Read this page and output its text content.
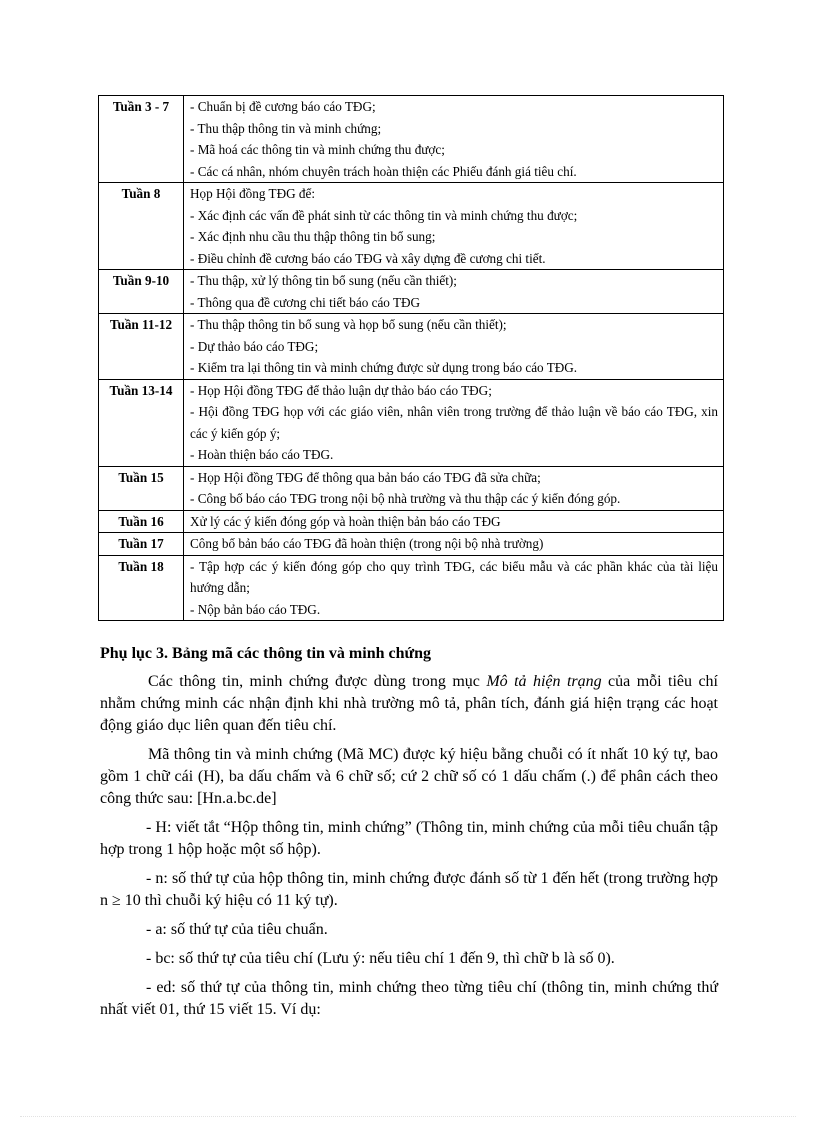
Tuần 3 - 7	- Chuẩn bị đề cương báo cáo TĐG;
- Thu thập thông tin và minh chứng;
- Mã hoá các thông tin và minh chứng thu được;
- Các cá nhân, nhóm chuyên trách hoàn thiện các Phiếu đánh giá tiêu chí.

Tuần 8	Họp Hội đồng TĐG để:
- Xác định các vấn đề phát sinh từ các thông tin và minh chứng thu được;
- Xác định nhu cầu thu thập thông tin bổ sung;
- Điều chỉnh đề cương báo cáo TĐG và xây dựng đề cương chi tiết.

Tuần 9-10	- Thu thập, xử lý thông tin bổ sung (nếu cần thiết);
- Thông qua đề cương chi tiết báo cáo TĐG

Tuần 11-12	- Thu thập thông tin bổ sung và họp bổ sung (nếu cần thiết);
- Dự thảo báo cáo TĐG;
- Kiểm tra lại thông tin và minh chứng được sử dụng trong báo cáo TĐG.

Tuần 13-14	- Họp Hội đồng TĐG để thảo luận dự thảo báo cáo TĐG;
- Hội đồng TĐG họp với các giáo viên, nhân viên trong trường để thảo luận về báo cáo TĐG, xin các ý kiến góp ý;
- Hoàn thiện báo cáo TĐG.

Tuần 15	- Họp Hội đồng TĐG để thông qua bản báo cáo TĐG đã sửa chữa;
- Công bố báo cáo TĐG trong nội bộ nhà trường và thu thập các ý kiến đóng góp.

Tuần 16	Xử lý các ý kiến đóng góp và hoàn thiện bản báo cáo TĐG

Tuần 17	Công bố bản báo cáo TĐG đã hoàn thiện (trong nội bộ nhà trường)

Tuần 18	- Tập hợp các ý kiến đóng góp cho quy trình TĐG, các biểu mẫu và các phần khác của tài liệu hướng dẫn;
- Nộp bản báo cáo TĐG.
Phụ lục 3. Bảng mã các thông tin và minh chứng

Các thông tin, minh chứng được dùng trong mục Mô tả hiện trạng của mỗi tiêu chí nhằm chứng minh các nhận định khi nhà trường mô tả, phân tích, đánh giá hiện trạng các hoạt động giáo dục liên quan đến tiêu chí.

Mã thông tin và minh chứng (Mã MC) được ký hiệu bằng chuỗi có ít nhất 10 ký tự, bao gồm 1 chữ cái (H), ba dấu chấm và 6 chữ số; cứ 2 chữ số có 1 dấu chấm (.) để phân cách theo công thức sau: [Hn.a.bc.de]

- H: viết tắt “Hộp thông tin, minh chứng” (Thông tin, minh chứng của mỗi tiêu chuẩn tập hợp trong 1 hộp hoặc một số hộp).

- n: số thứ tự của hộp thông tin, minh chứng được đánh số từ 1 đến hết (trong trường hợp n ≥ 10 thì chuỗi ký hiệu có 11 ký tự).

- a: số thứ tự của tiêu chuẩn.

- bc: số thứ tự của tiêu chí (Lưu ý: nếu tiêu chí 1 đến 9, thì chữ b là số 0).

- ed: số thứ tự của thông tin, minh chứng theo từng tiêu chí (thông tin, minh chứng thứ nhất viết 01, thứ 15 viết 15. Ví dụ:
